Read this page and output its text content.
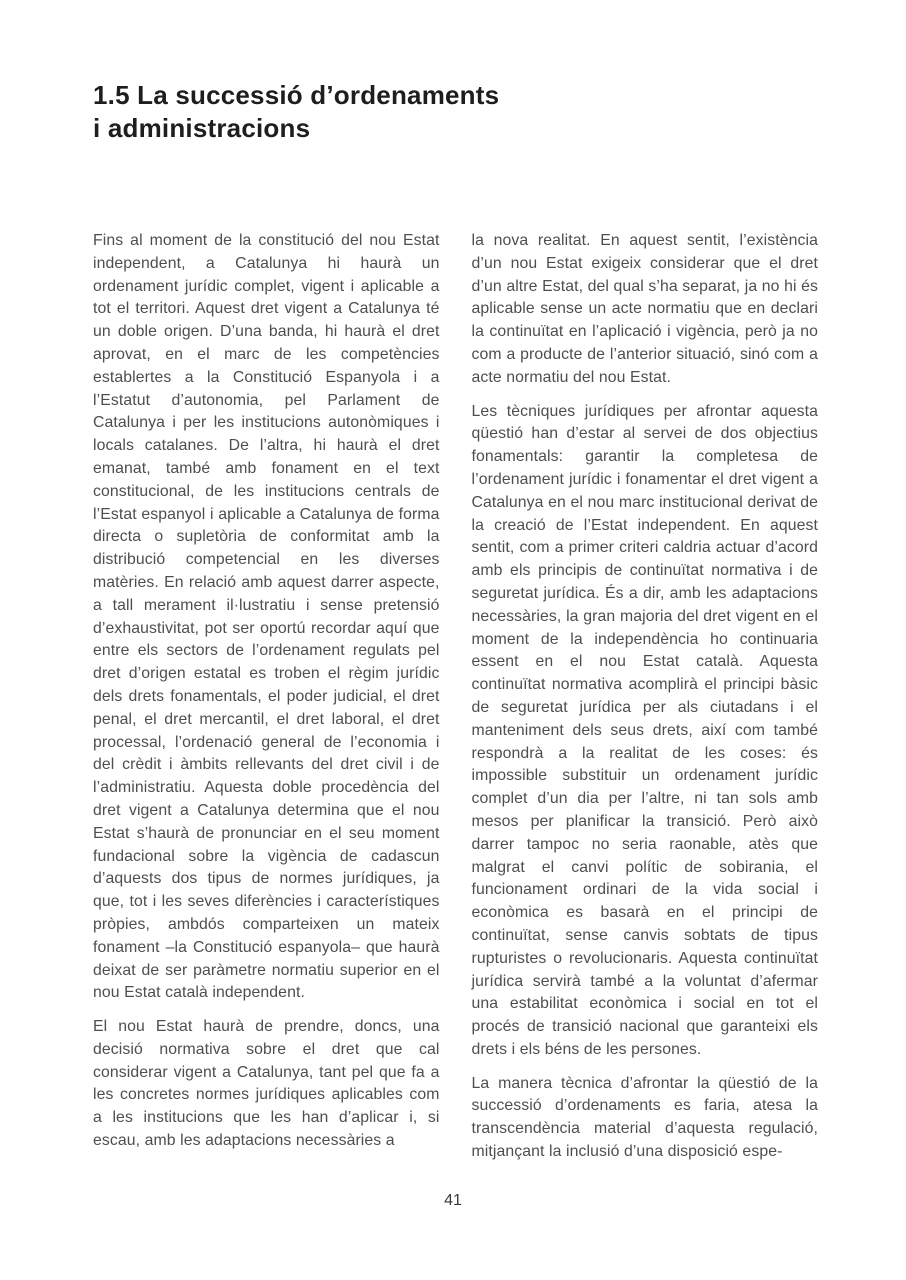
1.5 La successió d’ordenaments
i administracions

Fins al moment de la constitució del nou Estat independent, a Catalunya hi haurà un ordenament jurídic complet, vigent i aplicable a tot el territori. Aquest dret vigent a Catalunya té un doble origen. D’una banda, hi haurà el dret aprovat, en el marc de les competències establertes a la Constitució Espanyola i a l’Estatut d’autonomia, pel Parlament de Catalunya i per les institucions autonòmiques i locals catalanes. De l’altra, hi haurà el dret emanat, també amb fonament en el text constitucional, de les institucions centrals de l’Estat espanyol i aplicable a Catalunya de forma directa o supletòria de conformitat amb la distribució competencial en les diverses matèries. En relació amb aquest darrer aspecte, a tall merament il·lustratiu i sense pretensió d’exhaustivitat, pot ser oportú recordar aquí que entre els sectors de l’ordenament regulats pel dret d’origen estatal es troben el règim jurídic dels drets fonamentals, el poder judicial, el dret penal, el dret mercantil, el dret laboral, el dret processal, l’ordenació general de l’economia i del crèdit i àmbits rellevants del dret civil i de l’administratiu. Aquesta doble procedència del dret vigent a Catalunya determina que el nou Estat s’haurà de pronunciar en el seu moment fundacional sobre la vigència de cadascun d’aquests dos tipus de normes jurídiques, ja que, tot i les seves diferències i característiques pròpies, ambdós comparteixen un mateix fonament –la Constitució espanyola– que haurà deixat de ser paràmetre normatiu superior en el nou Estat català independent.

El nou Estat haurà de prendre, doncs, una decisió normativa sobre el dret que cal considerar vigent a Catalunya, tant pel que fa a les concretes normes jurídiques aplicables com a les institucions que les han d’aplicar i, si escau, amb les adaptacions necessàries a

la nova realitat. En aquest sentit, l’existència d’un nou Estat exigeix considerar que el dret d’un altre Estat, del qual s’ha separat, ja no hi és aplicable sense un acte normatiu que en declari la continuïtat en l’aplicació i vigència, però ja no com a producte de l’anterior situació, sinó com a acte normatiu del nou Estat.

Les tècniques jurídiques per afrontar aquesta qüestió han d’estar al servei de dos objectius fonamentals: garantir la completesa de l’ordenament jurídic i fonamentar el dret vigent a Catalunya en el nou marc institucional derivat de la creació de l’Estat independent. En aquest sentit, com a primer criteri caldria actuar d’acord amb els principis de continuïtat normativa i de seguretat jurídica. És a dir, amb les adaptacions necessàries, la gran majoria del dret vigent en el moment de la independència ho continuaria essent en el nou Estat català. Aquesta continuïtat normativa acomplirà el principi bàsic de seguretat jurídica per als ciutadans i el manteniment dels seus drets, així com també respondrà a la realitat de les coses: és impossible substituir un ordenament jurídic complet d’un dia per l’altre, ni tan sols amb mesos per planificar la transició. Però això darrer tampoc no seria raonable, atès que malgrat el canvi polític de sobirania, el funcionament ordinari de la vida social i econòmica es basarà en el principi de continuïtat, sense canvis sobtats de tipus rupturistes o revolucionaris. Aquesta continuïtat jurídica servirà també a la voluntat d’afermar una estabilitat econòmica i social en tot el procés de transició nacional que garanteixi els drets i els béns de les persones.

La manera tècnica d’afrontar la qüestió de la successió d’ordenaments es faria, atesa la transcendència material d’aquesta regulació, mitjançant la inclusió d’una disposició espe-

41
